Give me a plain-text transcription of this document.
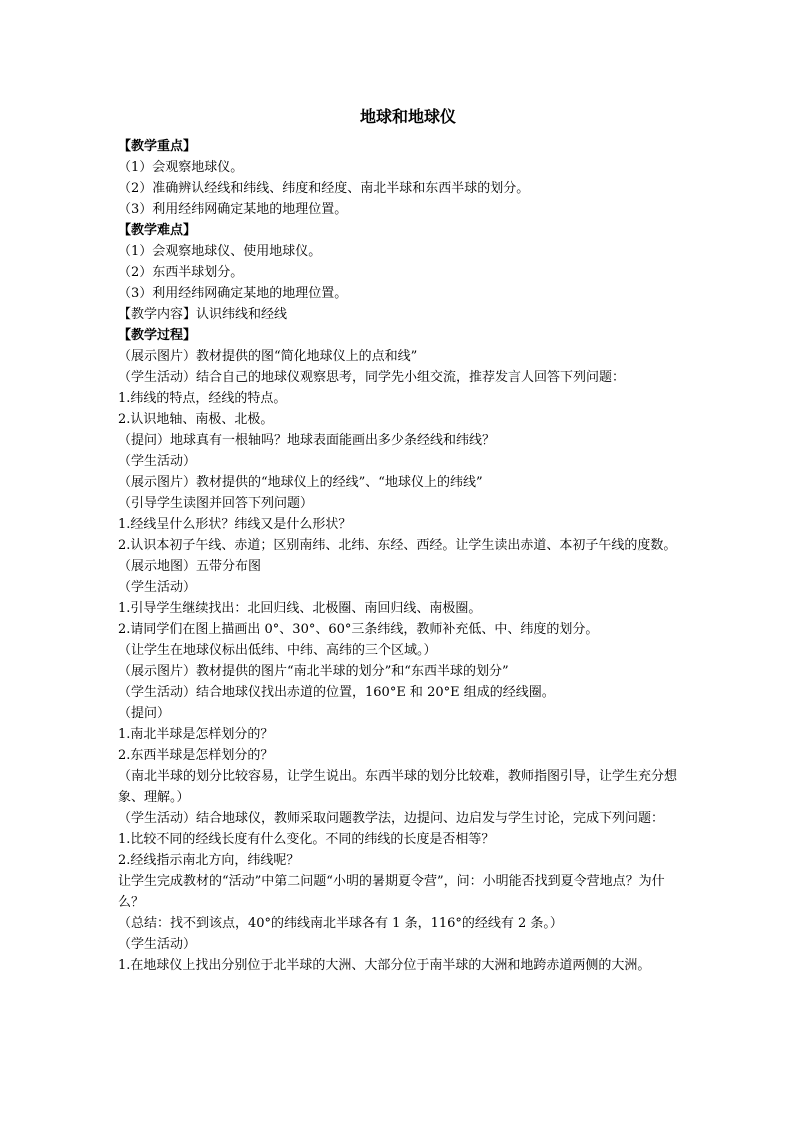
地球和地球仪

【教学重点】

（1）会观察地球仪。

（2）准确辨认经线和纬线、纬度和经度、南北半球和东西半球的划分。

（3）利用经纬网确定某地的地理位置。

【教学难点】

（1）会观察地球仪、使用地球仪。

（2）东西半球划分。

（3）利用经纬网确定某地的地理位置。

【教学内容】认识纬线和经线

【教学过程】

（展示图片）教材提供的图“简化地球仪上的点和线”

（学生活动）结合自己的地球仪观察思考，同学先小组交流，推荐发言人回答下列问题：

1.纬线的特点，经线的特点。

2.认识地轴、南极、北极。

（提问）地球真有一根轴吗？地球表面能画出多少条经线和纬线？

（学生活动）

（展示图片）教材提供的“地球仪上的经线”、“地球仪上的纬线”

（引导学生读图并回答下列问题）

1.经线呈什么形状？纬线又是什么形状？

2.认识本初子午线、赤道；区别南纬、北纬、东经、西经。让学生读出赤道、本初子午线的度数。

（展示地图）五带分布图

（学生活动）

1.引导学生继续找出：北回归线、北极圈、南回归线、南极圈。

2.请同学们在图上描画出 0°、30°、60°三条纬线，教师补充低、中、纬度的划分。

（让学生在地球仪标出低纬、中纬、高纬的三个区域。）

（展示图片）教材提供的图片“南北半球的划分”和“东西半球的划分”

（学生活动）结合地球仪找出赤道的位置，160°E 和 20°E 组成的经线圈。

（提问）

1.南北半球是怎样划分的？

2.东西半球是怎样划分的？

（南北半球的划分比较容易，让学生说出。东西半球的划分比较难，教师指图引导，让学生充分想象、理解。）

（学生活动）结合地球仪，教师采取问题教学法，边提问、边启发与学生讨论，完成下列问题：

1.比较不同的经线长度有什么变化。不同的纬线的长度是否相等？

2.经线指示南北方向，纬线呢？

让学生完成教材的“活动”中第二问题“小明的暑期夏令营”，问：小明能否找到夏令营地点？为什么？

（总结：找不到该点，40°的纬线南北半球各有 1 条，116°的经线有 2 条。）

（学生活动）

1.在地球仪上找出分别位于北半球的大洲、大部分位于南半球的大洲和地跨赤道两侧的大洲。
